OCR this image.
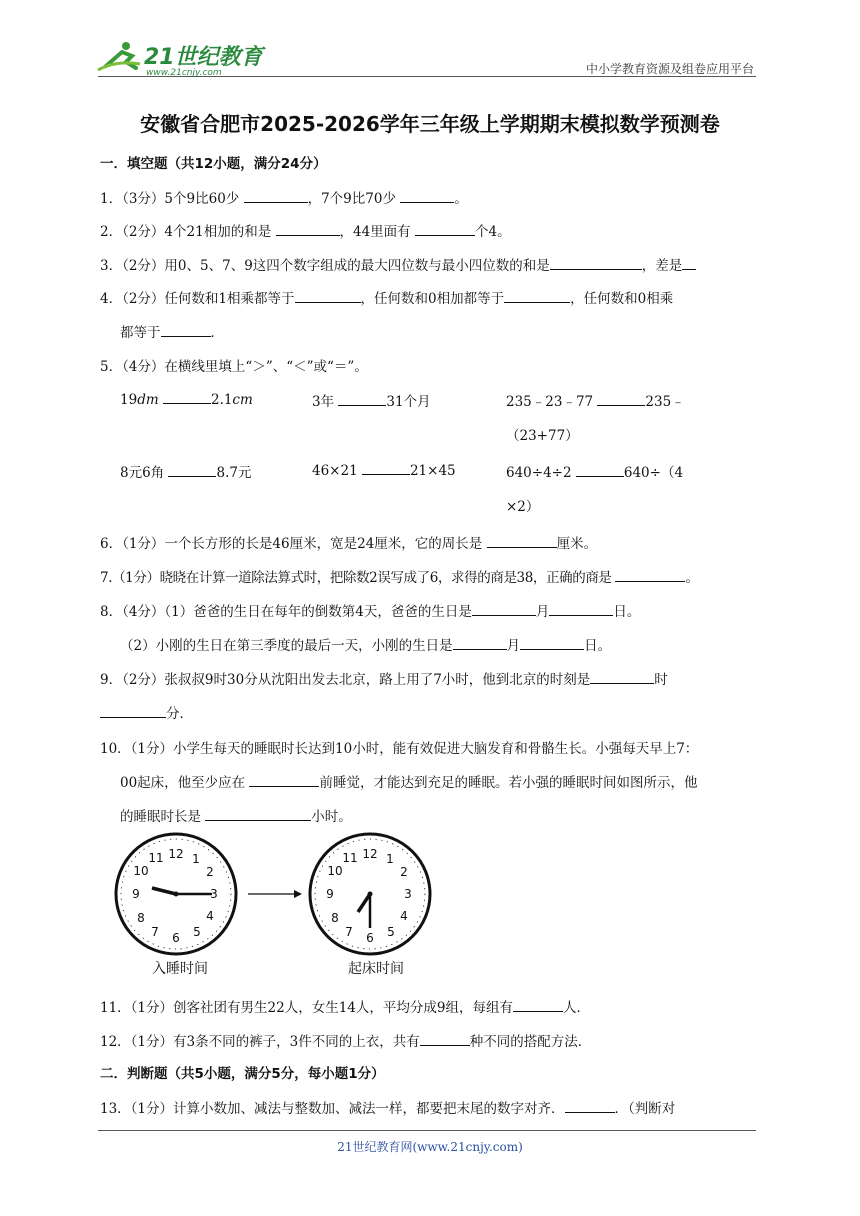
21世纪教育
www.21cnjy.com	中小学教育资源及组卷应用平台
安徽省合肥市2025-2026学年三年级上学期期末模拟数学预测卷
一．填空题（共12小题，满分24分）
1．（3分）5个9比60少	，7个9比70少	。
2．（2分）4个21相加的和是	，44里面有	个4。
3．（2分）用0、5、7、9这四个数字组成的最大四位数与最小四位数的和是	，差是
4．（2分）任何数和1相乘都等于	，任何数和0相加都等于	，任何数和0相乘
都等于	．
5．（4分）在横线里填上“＞”、“＜”或“＝”。
19dm	2.1cm	3年	31个月	235﹣23﹣77	235﹣
（23+77）
8元6角	8.7元	46×21	21×45	640÷4÷2	640÷（4
×2）
6．（1分）一个长方形的长是46厘米，宽是24厘米，它的周长是	厘米。
7.（1分）晓晓在计算一道除法算式时，把除数2误写成了6，求得的商是38，正确的商是	。
8．（4分）（1）爸爸的生日在每年的倒数第4天，爸爸的生日是	月	日。
（2）小刚的生日在第三季度的最后一天，小刚的生日是	月	日。
9．（2分）张叔叔9时30分从沈阳出发去北京，路上用了7小时，他到北京的时刻是	时
分．
10．（1分）小学生每天的睡眠时长达到10小时，能有效促进大脑发育和骨骼生长。小强每天早上7：
00起床，他至少应在	前睡觉，才能达到充足的睡眠。若小强的睡眠时间如图所示，他
的睡眠时长是	小时。
12 1
2
3
4
5
6
7
8
9
10
11	12 1
2
3
4
5
6
7
8
9
10
11
入睡时间	起床时间
11．（1分）创客社团有男生22人，女生14人，平均分成9组，每组有	人．
12．（1分）有3条不同的裤子，3件不同的上衣，共有	种不同的搭配方法．
二．判断题（共5小题，满分5分，每小题1分）
13．（1分）计算小数加、减法与整数加、减法一样，都要把末尾的数字对齐．	．（判断对
21世纪教育网(www.21cnjy.com)
